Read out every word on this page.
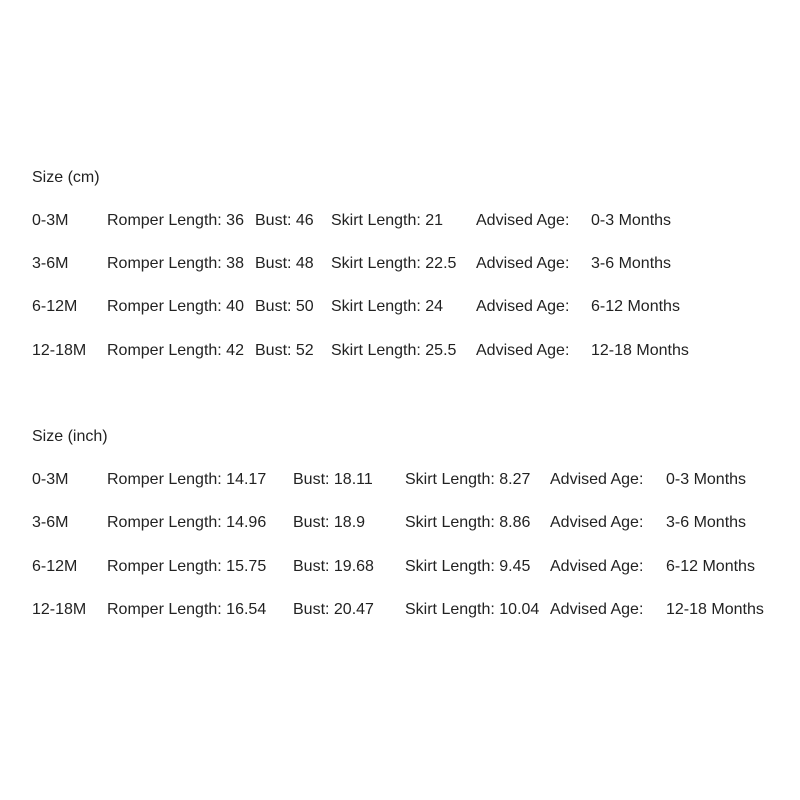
Size (cm)
0-3M Romper Length: 36 Bust: 46 Skirt Length: 21 Advised Age: 0-3 Months
3-6M Romper Length: 38 Bust: 48 Skirt Length: 22.5 Advised Age: 3-6 Months
6-12M Romper Length: 40 Bust: 50 Skirt Length: 24 Advised Age: 6-12 Months
12-18M Romper Length: 42 Bust: 52 Skirt Length: 25.5 Advised Age: 12-18 Months
Size (inch)
0-3M Romper Length: 14.17 Bust: 18.11 Skirt Length: 8.27 Advised Age: 0-3 Months
3-6M Romper Length: 14.96 Bust: 18.9 Skirt Length: 8.86 Advised Age: 3-6 Months
6-12M Romper Length: 15.75 Bust: 19.68 Skirt Length: 9.45 Advised Age: 6-12 Months
12-18M Romper Length: 16.54 Bust: 20.47 Skirt Length: 10.04 Advised Age: 12-18 Months
